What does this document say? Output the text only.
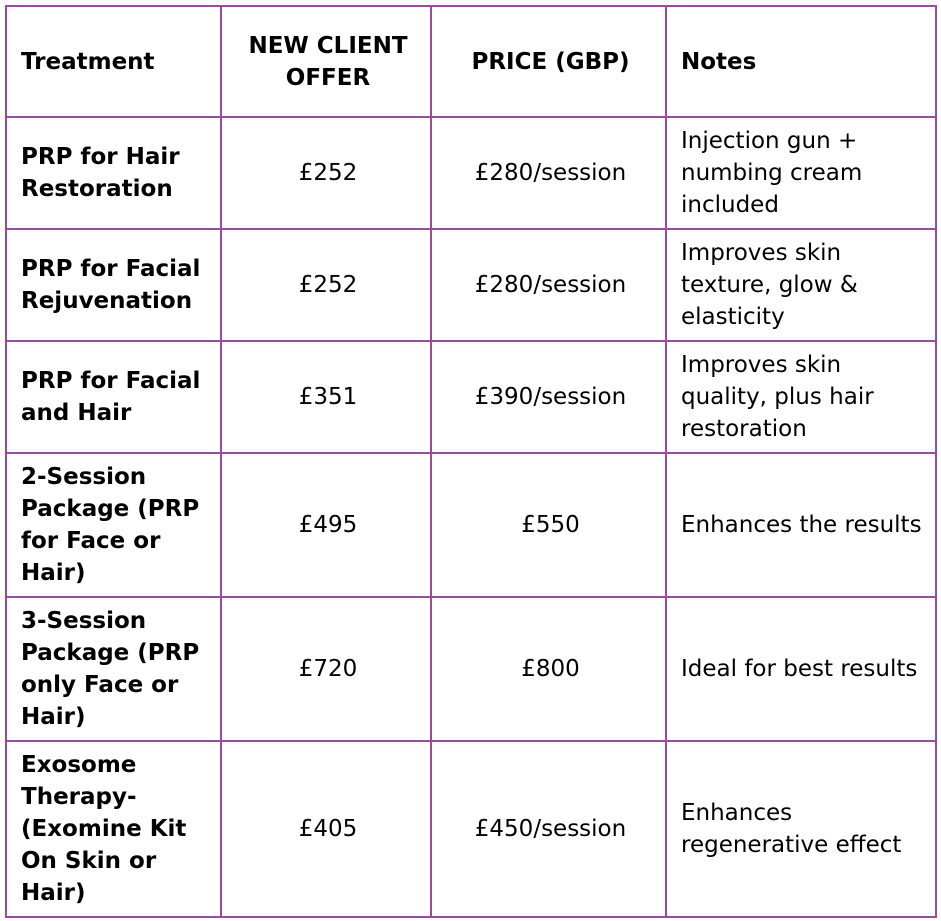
Treatment	NEW CLIENT OFFER	PRICE (GBP)	Notes
PRP for Hair Restoration	£252	£280/session	Injection gun + numbing cream included
PRP for Facial Rejuvenation	£252	£280/session	Improves skin texture, glow & elasticity
PRP for Facial and Hair	£351	£390/session	Improves skin quality, plus hair restoration
2-Session Package (PRP for Face or Hair)	£495	£550	Enhances the results
3-Session Package (PRP only Face or Hair)	£720	£800	Ideal for best results
Exosome Therapy-(Exomine Kit On Skin or Hair)	£405	£450/session	Enhances regenerative effect
